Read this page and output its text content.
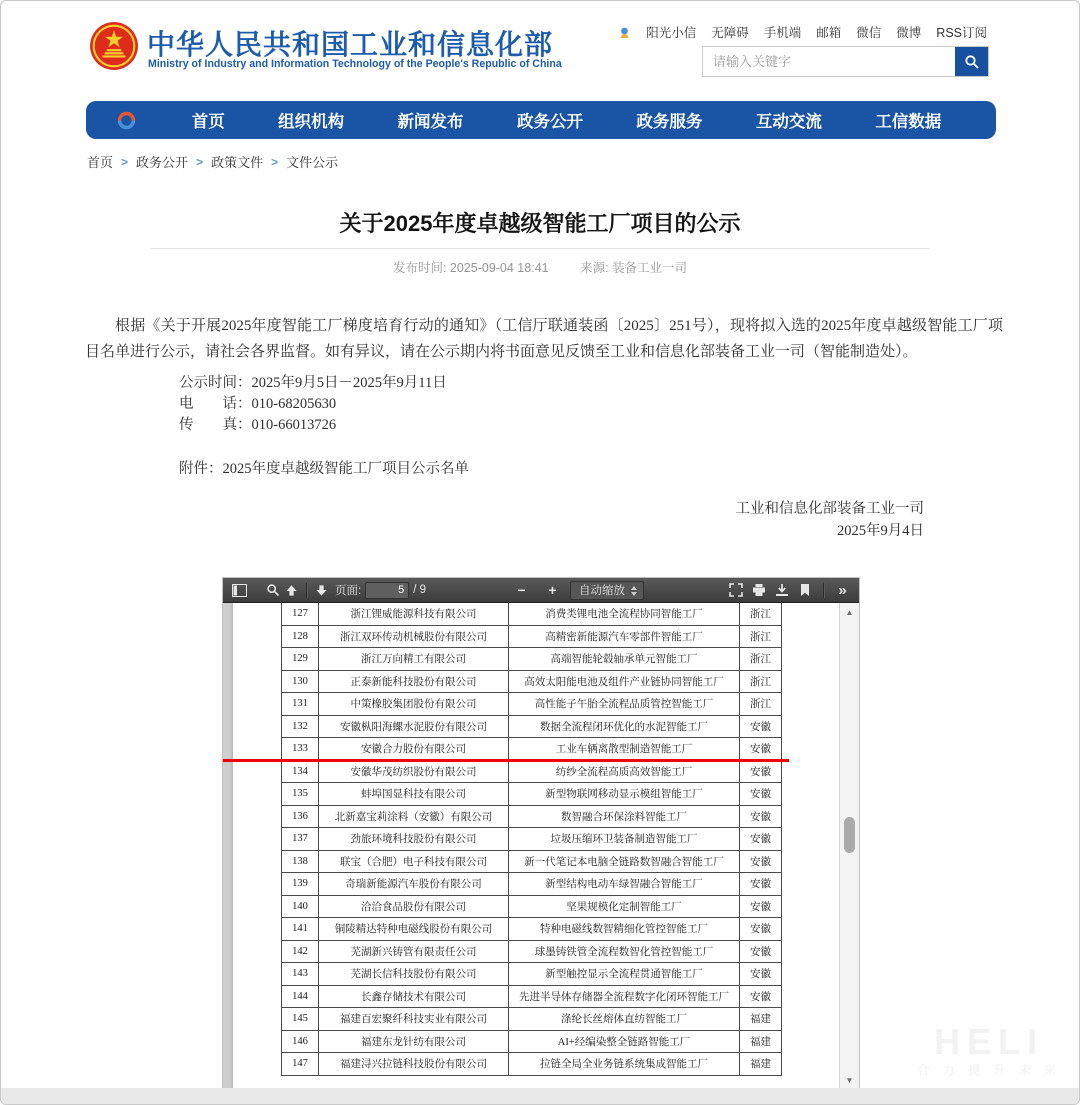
中华人民共和国工业和信息化部
Ministry of Industry and Information Technology of the People's Republic of China
阳光小信 无障碍 手机端 邮箱 微信 微博 RSS订阅
请输入关键字
首页	组织机构	新闻发布	政务公开	政务服务	互动交流	工信数据
首页 > 政务公开 > 政策文件 > 文件公示
关于2025年度卓越级智能工厂项目的公示
发布时间: 2025-09-04 18:41	来源: 装备工业一司

根据《关于开展2025年度智能工厂梯度培育行动的通知》（工信厅联通装函〔2025〕251号），现将拟入选的2025年度卓越级智能工厂项目名单进行公示，请社会各界监督。如有异议，请在公示期内将书面意见反馈至工业和信息化部装备工业一司（智能制造处）。

公示时间：2025年9月5日－2025年9月11日
电　　话：010-68205630
传　　真：010-66013726
附件：2025年度卓越级智能工厂项目公示名单
工业和信息化部装备工业一司
2025年9月4日
页面:
5	/ 9	−	+	自动缩放	»
127	浙江锂威能源科技有限公司	消费类锂电池全流程协同智能工厂	浙江
128	浙江双环传动机械股份有限公司	高精密新能源汽车零部件智能工厂	浙江
129	浙江万向精工有限公司	高端智能轮毂轴承单元智能工厂	浙江
130	正泰新能科技股份有限公司	高效太阳能电池及组件产业链协同智能工厂	浙江
131	中策橡胶集团股份有限公司	高性能子午胎全流程品质管控智能工厂	浙江
132	安徽枞阳海螺水泥股份有限公司	数据全流程闭环优化的水泥智能工厂	安徽
133	安徽合力股份有限公司	工业车辆离散型制造智能工厂	安徽
134	安徽华茂纺织股份有限公司	纺纱全流程高质高效智能工厂	安徽
135	蚌埠国显科技有限公司	新型物联网移动显示模组智能工厂	安徽
136	北新嘉宝莉涂料（安徽）有限公司	数智融合环保涂料智能工厂	安徽
137	劲旅环境科技股份有限公司	垃圾压缩环卫装备制造智能工厂	安徽
138	联宝（合肥）电子科技有限公司	新一代笔记本电脑全链路数智融合智能工厂	安徽
139	奇瑞新能源汽车股份有限公司	新型结构电动车绿智融合智能工厂	安徽
140	洽洽食品股份有限公司	坚果规模化定制智能工厂	安徽
141	铜陵精达特种电磁线股份有限公司	特种电磁线数智精细化管控智能工厂	安徽
142	芜湖新兴铸管有限责任公司	球墨铸铁管全流程数智化管控智能工厂	安徽
143	芜湖长信科技股份有限公司	新型触控显示全流程贯通智能工厂	安徽
144	长鑫存储技术有限公司	先进半导体存储器全流程数字化闭环智能工厂	安徽
145	福建百宏聚纤科技实业有限公司	涤纶长丝熔体直纺智能工厂	福建
146	福建东龙针纺有限公司	AI+经编染整全链路智能工厂	福建
147	福建浔兴拉链科技股份有限公司	拉链全局全业务链系统集成智能工厂	福建
▲
▼
HELI
合 力 提 升 未 来
